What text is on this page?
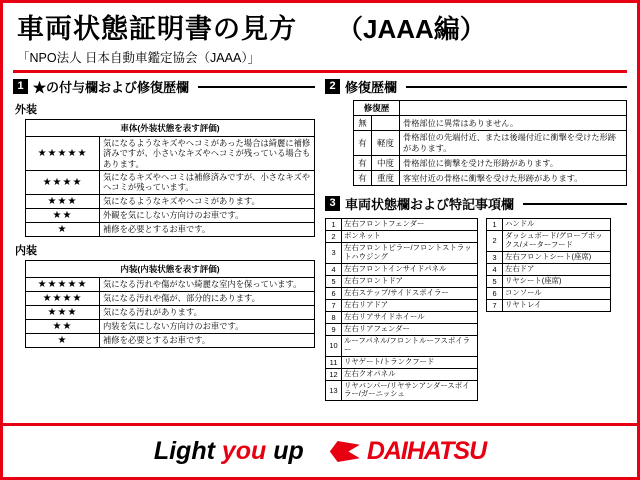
車両状態証明書の見方 （JAAA編）
「NPO法人 日本自動車鑑定協会（JAAA）」
1 ★の付与欄および修復歴欄
外装
車体(外装状態を表す評価)	
★★★★★	気になるようなキズやヘコミがあった場合は綺麗に補修済みですが、小さいなキズやヘコミが残っている場合もあります。
★★★★	気になるキズやヘコミは補修済みですが、小さなキズやヘコミが残っています。
★★★	気になるようなキズやヘコミがあります。
★★	外観を気にしない方向けのお車です。
★	補修を必要とするお車です。
内装
内装(内装状態を表す評価)	
★★★★★	気になる汚れや傷がない綺麗な室内を保っています。
★★★★	気になる汚れや傷が、部分的にあります。
★★★	気になる汚れがあります。
★★	内装を気にしない方向けのお車です。
★	補修を必要とするお車です。
2 修復歴欄
修復歴		
無		骨格部位に異常はありません。
有	軽度	骨格部位の先端付近、または後端付近に衝撃を受けた形跡があります。
有	中度	骨格部位に衝撃を受けた形跡があります。
有	重度	客室付近の骨格に衝撃を受けた形跡があります。
3 車両状態欄および特記事項欄
1	左右フロントフェンダー
2	ボンネット
3	左右フロントピラー/フロントストラットハウジング
4	左右フロントインサイドパネル
5	左右フロントドア
6	左右ステップ/サイドスポイラー
7	左右リアドア
8	左右リアサイドホイール
9	左右リアフェンダー
10	ルーフパネル/フロントルーフスポイラー
11	リヤゲート/トランクフード
12	左右クオパネル
13	リヤバンパー/リヤサンアンダースポイラー/ガーニッシュ
1	ハンドル
2	ダッシュボード/グローブボックス/メーターフード
3	左右フロントシート(座席)
4	左右ドア
5	リヤシート(座席)
6	コンソール
7	リヤトレイ
Light you up	DAIHATSU
